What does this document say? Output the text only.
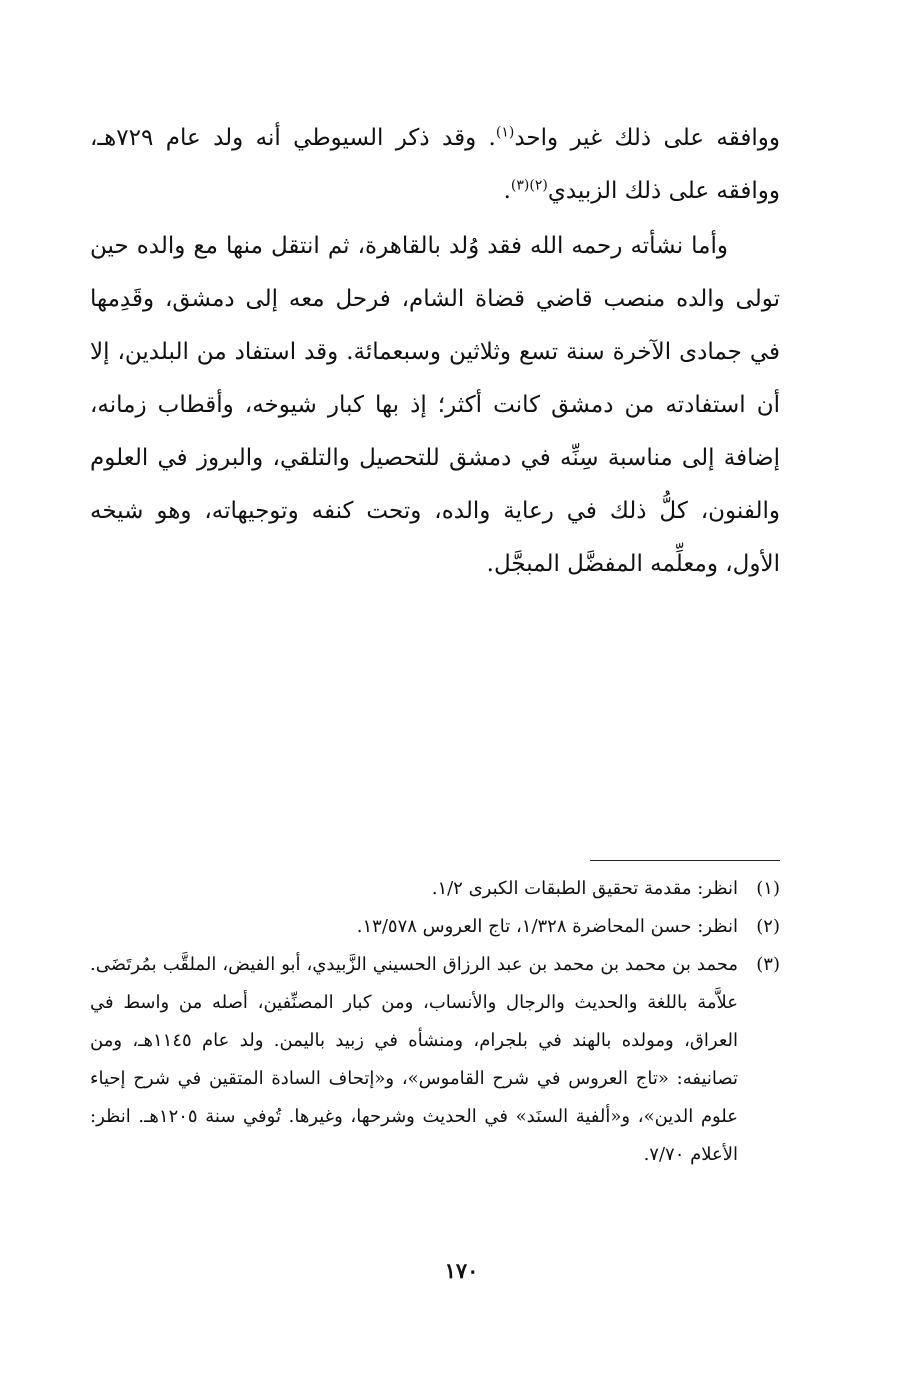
ووافقه على ذلك غير واحد$^{(١)}$. وقد ذكر السيوطي أنه ولد عام ٧٢٩هـ، ووافقه على ذلك الزبيدي$^{(٢)(٣)}$.

وأما نشأته رحمه الله فقد وُلد بالقاهرة، ثم انتقل منها مع والده حين تولى والده منصب قاضي قضاة الشام، فرحل معه إلى دمشق، وقَدِمها في جمادى الآخرة سنة تسع وثلاثين وسبعمائة. وقد استفاد من البلدين، إلا أن استفادته من دمشق كانت أكثر؛ إذ بها كبار شيوخه، وأقطاب زمانه، إضافة إلى مناسبة سِنِّه في دمشق للتحصيل والتلقي، والبروز في العلوم والفنون، كلُّ ذلك في رعاية والده، وتحت كنفه وتوجيهاته، وهو شيخه الأول، ومعلِّمه المفضَّل المبجَّل.

(١)
انظر: مقدمة تحقيق الطبقات الكبرى ١/٢.
(٢)
انظر: حسن المحاضرة ١/٣٢٨، تاج العروس ١٣/٥٧٨.
(٣)
محمد بن محمد بن محمد بن عبد الرزاق الحسيني الزَّبيدي، أبو الفيض، الملقَّب بمُرتَضَى. علاَّمة باللغة والحديث والرجال والأنساب، ومن كبار المصنِّفين، أصله من واسط في العراق، ومولده بالهند في بلجرام، ومنشأه في زبيد باليمن. ولد عام ١١٤٥هـ، ومن تصانيفه: «تاج العروس في شرح القاموس»، و«إتحاف السادة المتقين في شرح إحياء علوم الدين»، و«ألفية السنَد» في الحديث وشرحها، وغيرها. تُوفي سنة ١٢٠٥هـ. انظر: الأعلام ٧/٧٠.
١٧٠
